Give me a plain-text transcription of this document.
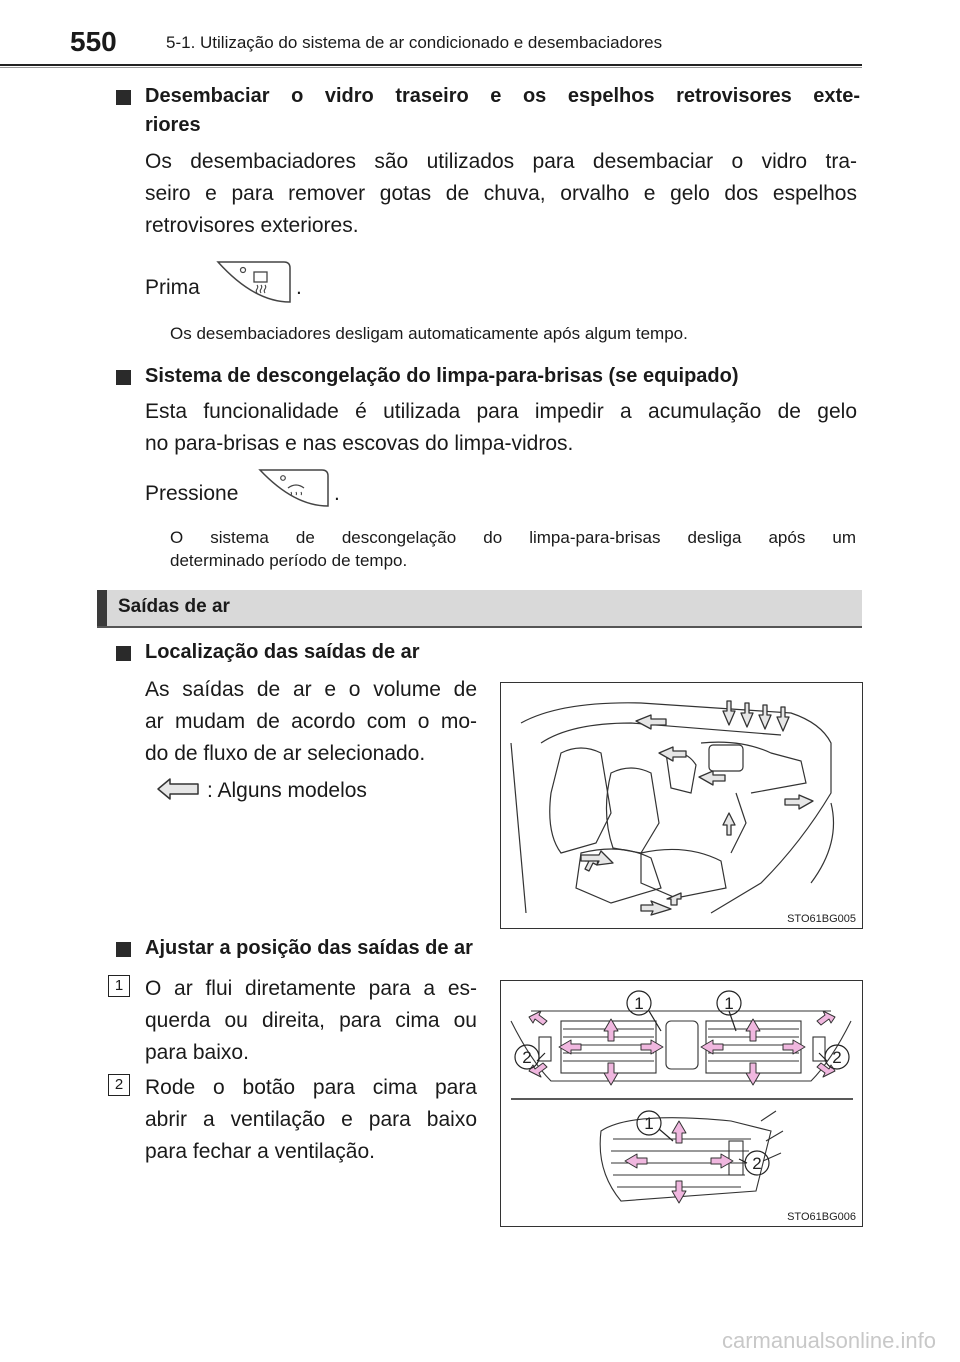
550	5-1. Utilização do sistema de ar condicionado e desembaciadores
Desembaciar o vidro traseiro e os espelhos retrovisores exte-
riores
Os desembaciadores são utilizados para desembaciar o vidro tra-
seiro e para remover gotas de chuva, orvalho e gelo dos espelhos
retrovisores exteriores.
Prima	.
Os desembaciadores desligam automaticamente após algum tempo.
Sistema de descongelação do limpa-para-brisas (se equipado)
Esta funcionalidade é utilizada para impedir a acumulação de gelo
no para-brisas e nas escovas do limpa-vidros.
Pressione	.
O sistema de descongelação do limpa-para-brisas desliga após um
determinado período de tempo.
Saídas de ar
Localização das saídas de ar
As saídas de ar e o volume de
ar mudam de acordo com o mo-
do de fluxo de ar selecionado.
: Alguns modelos
STO61BG005
Ajustar a posição das saídas de ar
1	O ar flui diretamente para a es-
querda ou direita, para cima ou
para baixo.
2	Rode o botão para cima para
abrir a ventilação e para baixo
para fechar a ventilação.
1	1
2	2
1
2
STO61BG006
carmanualsonline.info
